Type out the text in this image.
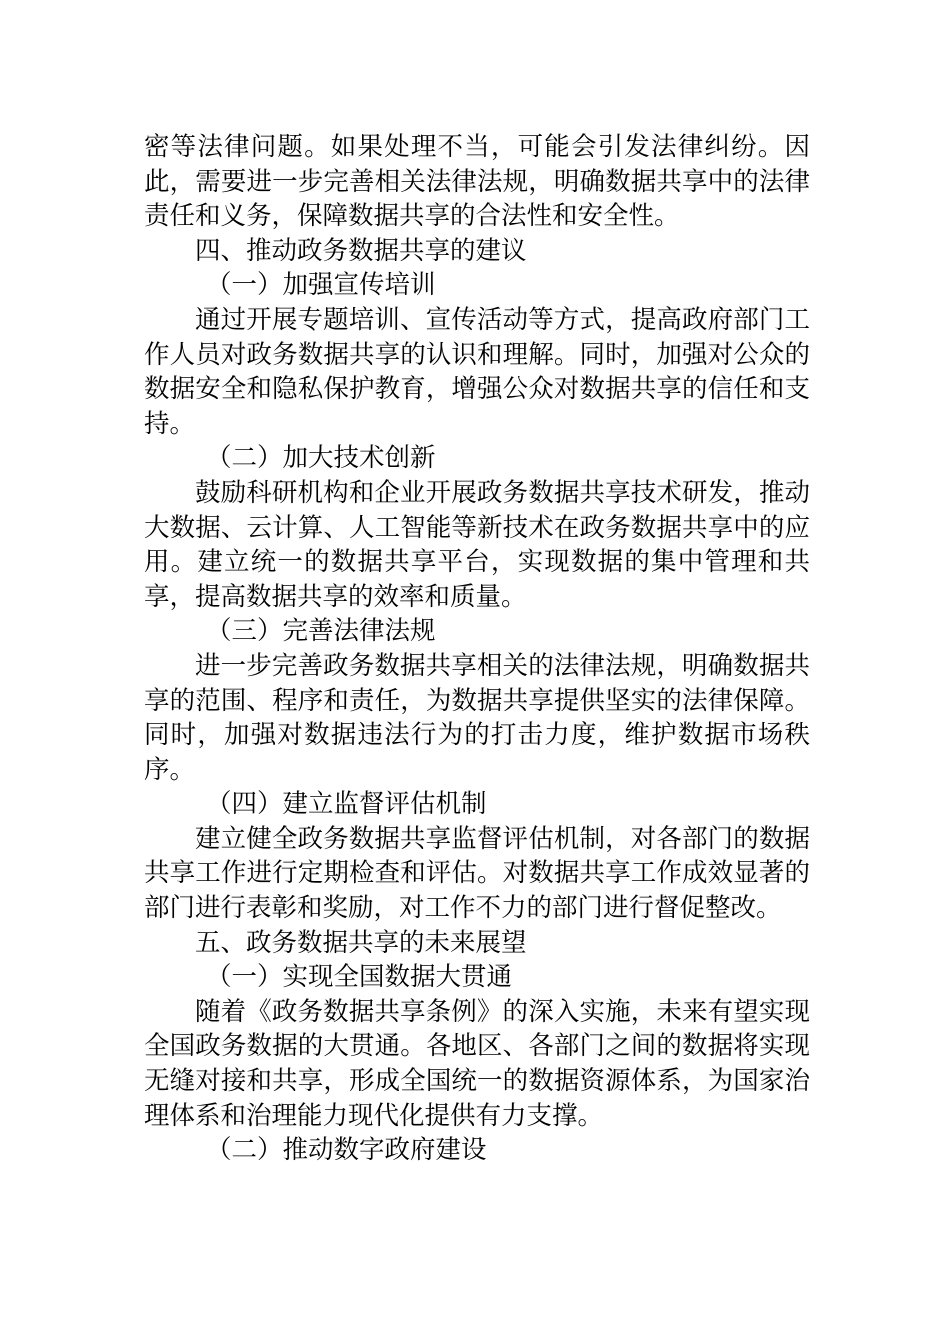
密等法律问题。如果处理不当，可能会引发法律纠纷。因此，需要进一步完善相关法律法规，明确数据共享中的法律责任和义务，保障数据共享的合法性和安全性。

四、推动政务数据共享的建议

（一）加强宣传培训

通过开展专题培训、宣传活动等方式，提高政府部门工作人员对政务数据共享的认识和理解。同时，加强对公众的数据安全和隐私保护教育，增强公众对数据共享的信任和支持。

（二）加大技术创新

鼓励科研机构和企业开展政务数据共享技术研发，推动大数据、云计算、人工智能等新技术在政务数据共享中的应用。建立统一的数据共享平台，实现数据的集中管理和共享，提高数据共享的效率和质量。

（三）完善法律法规

进一步完善政务数据共享相关的法律法规，明确数据共享的范围、程序和责任，为数据共享提供坚实的法律保障。同时，加强对数据违法行为的打击力度，维护数据市场秩序。

（四）建立监督评估机制

建立健全政务数据共享监督评估机制，对各部门的数据共享工作进行定期检查和评估。对数据共享工作成效显著的部门进行表彰和奖励，对工作不力的部门进行督促整改。

五、政务数据共享的未来展望

（一）实现全国数据大贯通

随着《政务数据共享条例》的深入实施，未来有望实现全国政务数据的大贯通。各地区、各部门之间的数据将实现无缝对接和共享，形成全国统一的数据资源体系，为国家治理体系和治理能力现代化提供有力支撑。

（二）推动数字政府建设
